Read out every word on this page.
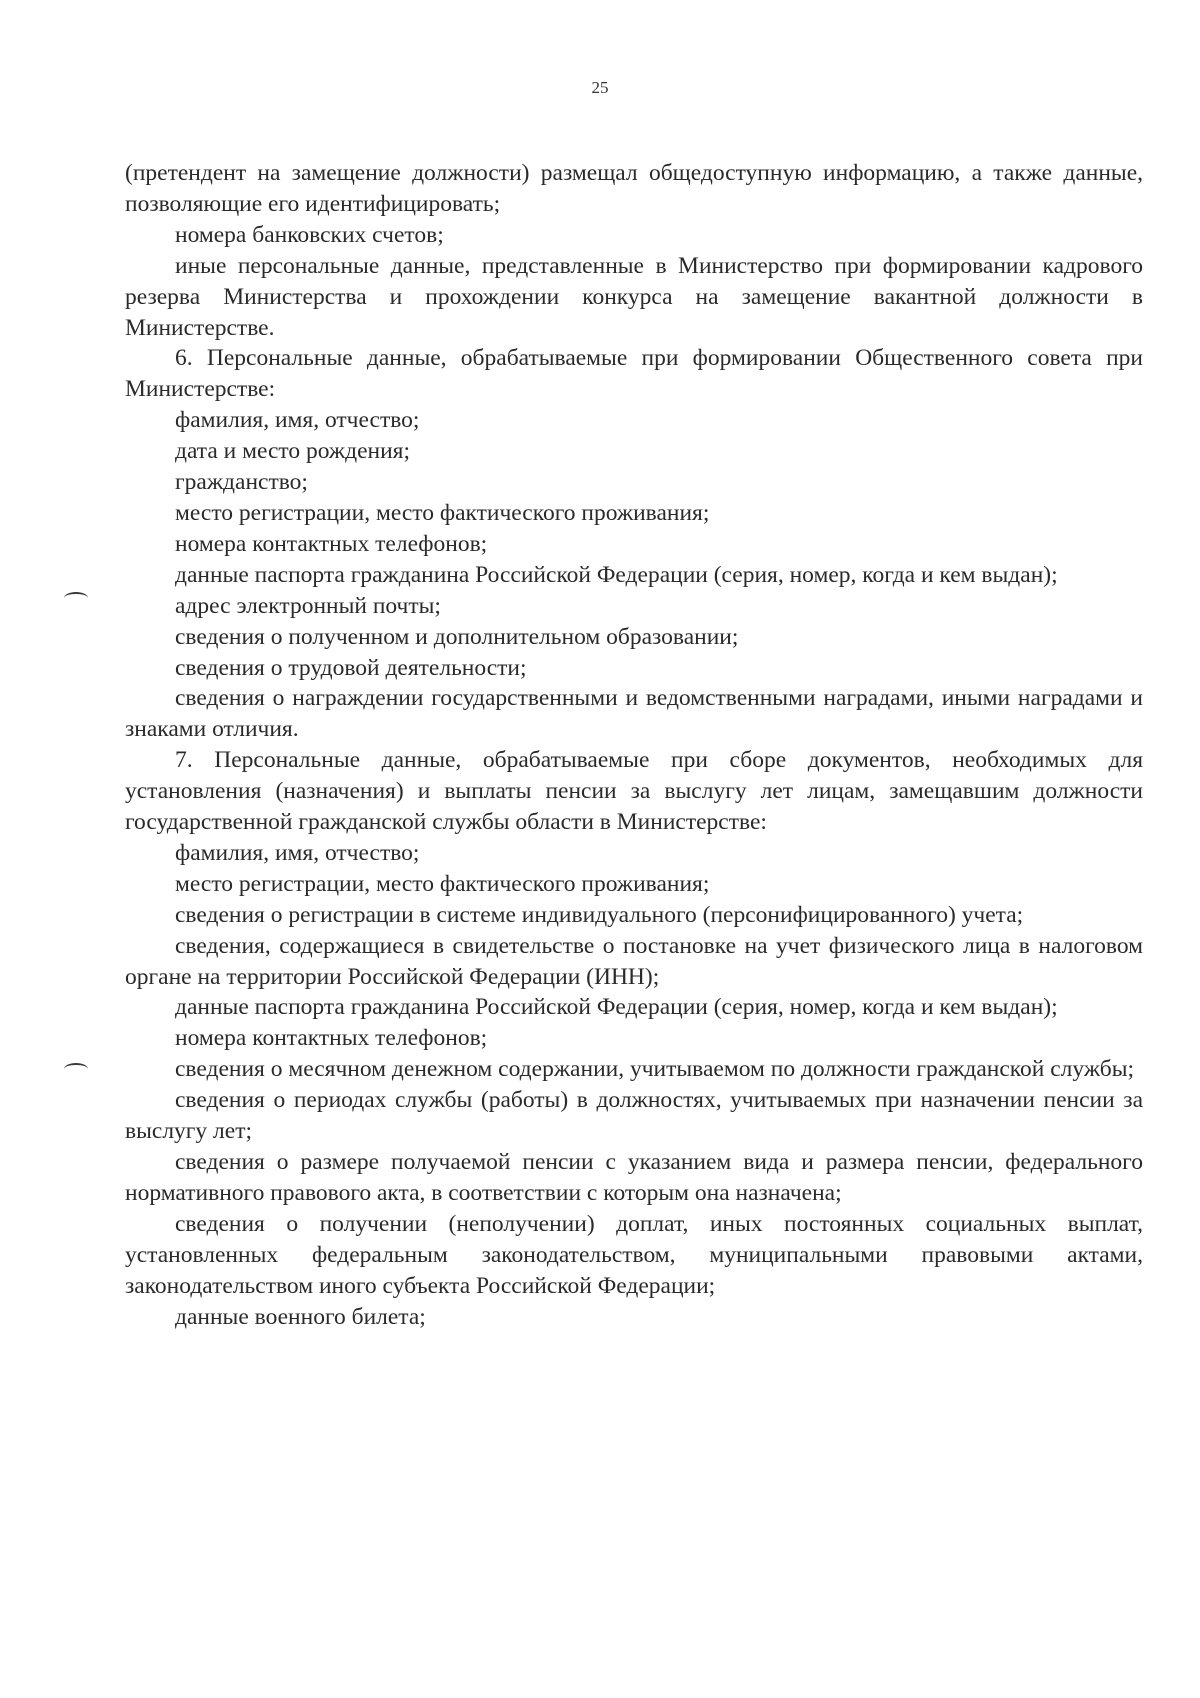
25

(претендент на замещение должности) размещал общедоступную информацию, а также данные, позволяющие его идентифицировать;

номера банковских счетов;

иные персональные данные, представленные в Министерство при формировании кадрового резерва Министерства и прохождении конкурса на замещение вакантной должности в Министерстве.

6. Персональные данные, обрабатываемые при формировании Общественного совета при Министерстве:

фамилия, имя, отчество;

дата и место рождения;

гражданство;

место регистрации, место фактического проживания;

номера контактных телефонов;

данные паспорта гражданина Российской Федерации (серия, номер, когда и кем выдан);

адрес электронный почты;

сведения о полученном и дополнительном образовании;

сведения о трудовой деятельности;

сведения о награждении государственными и ведомственными наградами, иными наградами и знаками отличия.

7. Персональные данные, обрабатываемые при сборе документов, необходимых для установления (назначения) и выплаты пенсии за выслугу лет лицам, замещавшим должности государственной гражданской службы области в Министерстве:

фамилия, имя, отчество;

место регистрации, место фактического проживания;

сведения о регистрации в системе индивидуального (персонифицированного) учета;

сведения, содержащиеся в свидетельстве о постановке на учет физического лица в налоговом органе на территории Российской Федерации (ИНН);

данные паспорта гражданина Российской Федерации (серия, номер, когда и кем выдан);

номера контактных телефонов;

сведения о месячном денежном содержании, учитываемом по должности гражданской службы;

сведения о периодах службы (работы) в должностях, учитываемых при назначении пенсии за выслугу лет;

сведения о размере получаемой пенсии с указанием вида и размера пенсии, федерального нормативного правового акта, в соответствии с которым она назначена;

сведения о получении (неполучении) доплат, иных постоянных социальных выплат, установленных федеральным законодательством, муниципальными правовыми актами, законодательством иного субъекта Российской Федерации;

данные военного билета;
